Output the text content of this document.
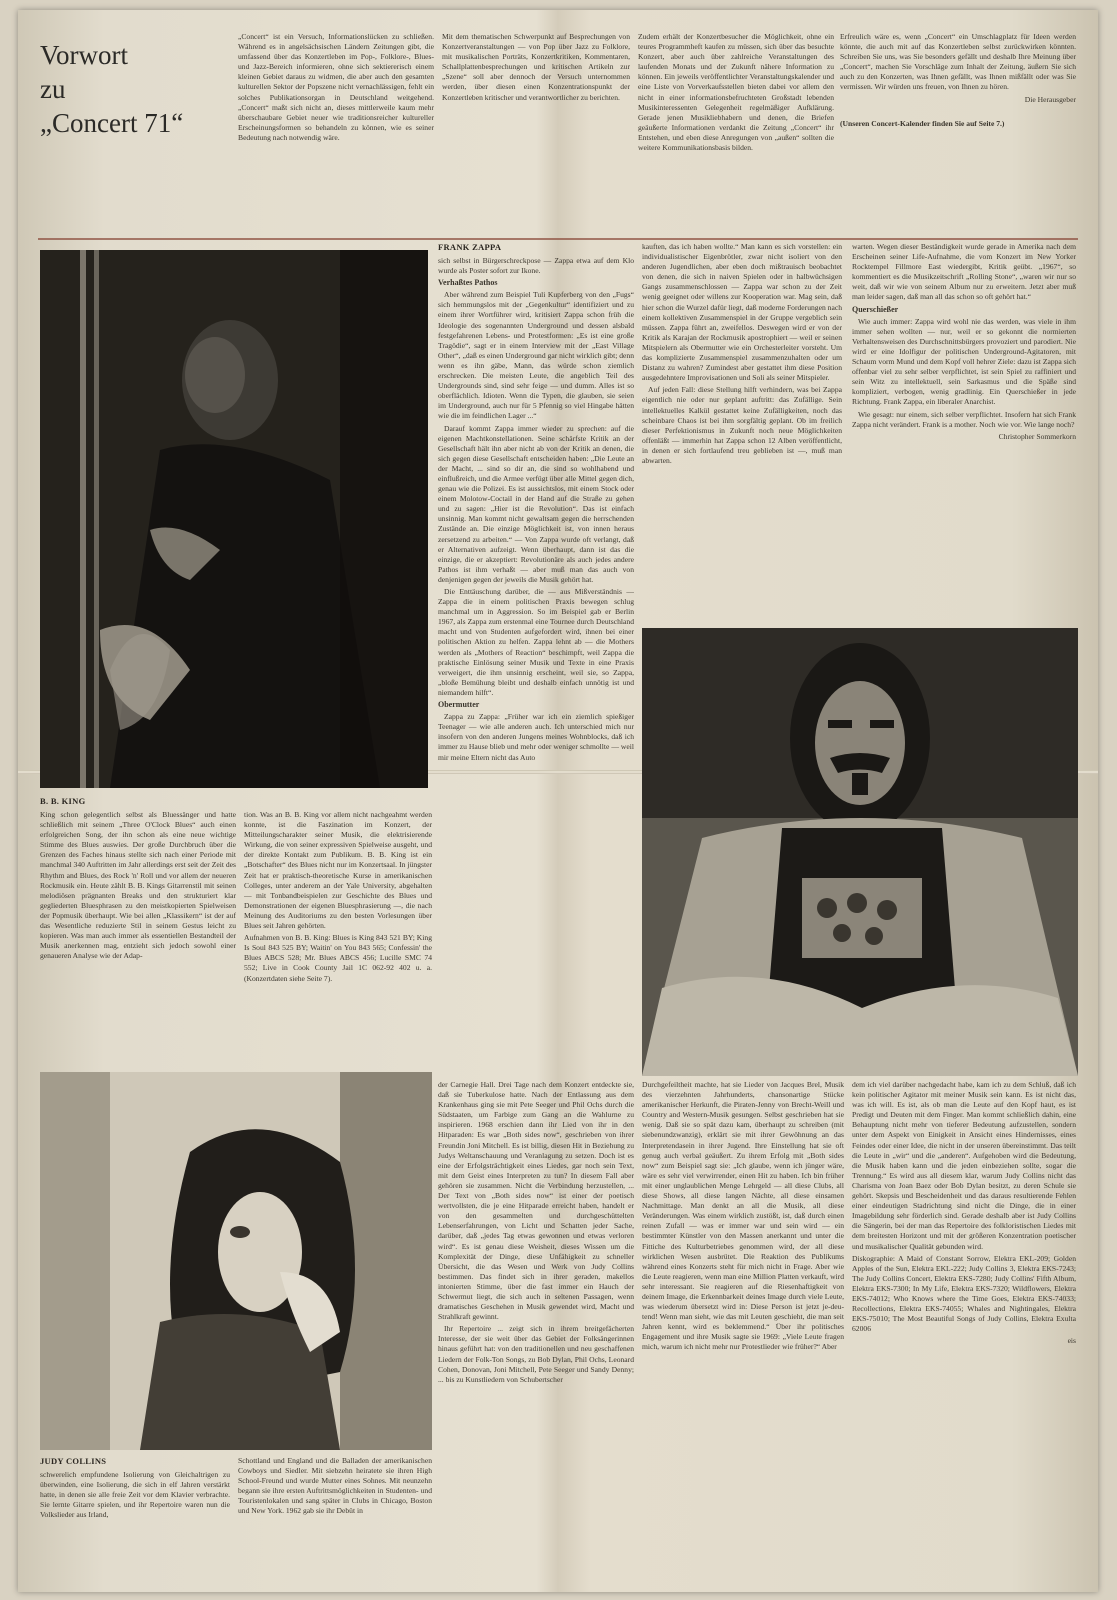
Vorwort
zu
„Concert 71“

„Concert“ ist ein Versuch, Informationslücken zu schließen. Während es in angelsächsischen Ländern Zeitungen gibt, die umfassend über das Konzertleben im Pop-, Folklore-, Blues- und Jazz-Bereich informieren, ohne sich sektiererisch einem kleinen Gebiet daraus zu widmen, die aber auch den gesamten kulturellen Sektor der Popszene nicht vernachlässigen, fehlt ein solches Publikationsorgan in Deutschland weitgehend. „Concert“ maßt sich nicht an, dieses mittlerweile kaum mehr überschaubare Gebiet neuer wie traditionsreicher kultureller Erscheinungsformen so behandeln zu können, wie es seiner Bedeutung nach notwendig wäre.

Mit dem thematischen Schwerpunkt auf Besprechungen von Konzertveranstaltungen — von Pop über Jazz zu Folklore, mit musikalischen Porträts, Konzertkritiken, Kommentaren, Schallplattenbesprechungen und kritischen Artikeln zur „Szene“ soll aber dennoch der Versuch unternommen werden, über diesen einen Konzentrationspunkt der Konzertleben kritischer und verantwortlicher zu berichten.

Zudem erhält der Konzertbesucher die Möglichkeit, ohne ein teures Programmheft kaufen zu müssen, sich über das besuchte Konzert, aber auch über zahlreiche Veranstaltungen des laufenden Monats und der Zukunft nähere Information zu können. Ein jeweils veröffentlichter Veranstaltungskalender und eine Liste von Vorverkaufsstellen bieten dabei vor allem den nicht in einer informationsbefruchteten Großstadt lebenden Musikinteressenten Gelegenheit regelmäßiger Aufklärung. Gerade jenen Musikliebhabern und denen, die Briefen geäußerte Informationen verdankt die Zeitung „Concert“ ihr Entstehen, und eben diese Anregungen von „außen“ sollten die weitere Kommunikationsbasis bilden.

Erfreulich wäre es, wenn „Concert“ ein Umschlagplatz für Ideen werden könnte, die auch mit auf das Konzertleben selbst zurückwirken könnten. Schreiben Sie uns, was Sie besonders gefällt und deshalb Ihre Meinung über „Concert“, machen Sie Vorschläge zum Inhalt der Zeitung, äußern Sie sich auch zu den Konzerten, was Ihnen gefällt, was Ihnen mißfällt oder was Sie vermissen. Wir würden uns freuen, von Ihnen zu hören.

Die Herausgeber

(Unseren Concert-Kalender finden Sie auf Seite 7.)

FRANK ZAPPA

sich selbst in Bürgerschreckpose — Zappa etwa auf dem Klo wurde als Poster sofort zur Ikone.

Verhaßtes Pathos

Aber während zum Beispiel Tuli Kupferberg von den „Fugs“ sich hemmungslos mit der „Gegenkultur“ identifiziert und zu einem ihrer Wortführer wird, kritisiert Zappa schon früh die Ideologie des sogenannten Underground und dessen alsbald festgefahrenen Lebens- und Protestformen: „Es ist eine große Tragödie“, sagt er in einem Interview mit der „East Village Other“, „daß es einen Underground gar nicht wirklich gibt; denn wenn es ihn gäbe, Mann, das würde schon ziemlich erschrecken. Die meisten Leute, die angeblich Teil des Undergrounds sind, sind sehr feige — und dumm. Alles ist so oberflächlich. Idioten. Wenn die Typen, die glauben, sie seien im Underground, auch nur für 5 Pfennig so viel Hingabe hätten wie die im feindlichen Lager ...“

Darauf kommt Zappa immer wieder zu sprechen: auf die eigenen Machtkonstellationen. Seine schärfste Kritik an der Gesellschaft hält ihn aber nicht ab von der Kritik an denen, die sich gegen diese Gesellschaft entscheiden haben: „Die Leute an der Macht, ... sind so dir an, die sind so wohlhabend und einflußreich, und die Armee verfügt über alle Mittel gegen dich, genau wie die Polizei. Es ist aussichtslos, mit einem Stock oder einem Molotow-Coctail in der Hand auf die Straße zu gehen und zu sagen: „Hier ist die Revolution“. Das ist einfach unsinnig. Man kommt nicht gewaltsam gegen die herrschenden Zustände an. Die einzige Möglichkeit ist, von innen heraus zersetzend zu arbeiten.“ — Von Zappa wurde oft verlangt, daß er Alternativen aufzeigt. Wenn überhaupt, dann ist das die einzige, die er akzeptiert: Revolutionäre als auch jedes andere Pathos ist ihm verhaßt — aber muß man das auch von denjenigen gegen der jeweils die Musik gehört hat.

Die Enttäuschung darüber, die — aus Mißverständnis — Zappa die in einem politischen Praxis bewegen schlug manchmal um in Aggression. So im Beispiel gab er Berlin 1967, als Zappa zum erstenmal eine Tournee durch Deutschland macht und von Studenten aufgefordert wird, ihnen bei einer politischen Aktion zu helfen. Zappa lehnt ab — die Mothers werden als „Mothers of Reaction“ beschimpft, weil Zappa die praktische Einlösung seiner Musik und Texte in eine Praxis verweigert, die ihm unsinnig erscheint, weil sie, so Zappa, „bloße Bemühung bleibt und deshalb einfach unnötig ist und niemandem hilft“.

Obermutter

Zappa zu Zappa: „Früher war ich ein ziemlich spießiger Teenager — wie alle anderen auch. Ich unterschied mich nur insofern von den anderen Jungens meines Wohnblocks, daß ich immer zu Hause blieb und mehr oder weniger schmollte — weil mir meine Eltern nicht das Auto

kauften, das ich haben wollte.“ Man kann es sich vorstellen: ein individualistischer Eigenbrötler, zwar nicht isoliert von den anderen Jugendlichen, aber eben doch mißtrauisch beobachtet von denen, die sich in naiven Spielen oder in halbwüchsigen Gangs zusammenschlossen — Zappa war schon zu der Zeit wenig geeignet oder willens zur Kooperation war. Mag sein, daß hier schon die Wurzel dafür liegt, daß moderne Forderungen nach einem kollektiven Zusammenspiel in der Gruppe vergeblich sein müssen. Zappa führt an, zweifellos. Deswegen wird er von der Kritik als Karajan der Rockmusik apostrophiert — weil er seinen Mitspielern als Obermutter wie ein Orchesterleiter vorsteht. Um das komplizierte Zusammenspiel zusammenzuhalten oder um Distanz zu wahren? Zumindest aber gestattet ihm diese Position ausgedehntere Improvisationen und Soli als seiner Mitspieler.

Auf jeden Fall: diese Stellung hilft verhindern, was bei Zappa eigentlich nie oder nur geplant auftritt: das Zufällige. Sein intellektuelles Kalkül gestattet keine Zufälligkeiten, noch das scheinbare Chaos ist bei ihm sorgfältig geplant. Ob im freilich dieser Perfektionismus in Zukunft noch neue Möglichkeiten offenläßt — immerhin hat Zappa schon 12 Alben veröffentlicht, in denen er sich fortlaufend treu geblieben ist —, muß man abwarten.

warten. Wegen dieser Beständigkeit wurde gerade in Amerika nach dem Erscheinen seiner Life-Aufnahme, die vom Konzert im New Yorker Rocktempel Fillmore East wiedergibt, Kritik geübt. „1967“, so kommentiert es die Musikzeitschrift „Rolling Stone“, „waren wir nur so weit, daß wir wie von seinem Album nur zu erweitern. Jetzt aber muß man leider sagen, daß man all das schon so oft gehört hat.“

Querschießer

Wie auch immer: Zappa wird wohl nie das werden, was viele in ihm immer sehen wollten — nur, weil er so gekonnt die normierten Verhaltensweisen des Durchschnittsbürgers provoziert und parodiert. Nie wird er eine Idolfigur der politischen Underground-Agitatoren, mit Schaum vorm Mund und dem Kopf voll hehrer Ziele: dazu ist Zappa sich offenbar viel zu sehr selber verpflichtet, ist sein Spiel zu raffiniert und sein Witz zu intellektuell, sein Sarkasmus und die Späße sind kompliziert, verbogen, wenig gradlinig. Ein Querschießer in jede Richtung. Frank Zappa, ein liberaler Anarchist.

Wie gesagt: nur einem, sich selber verpflichtet. Insofern hat sich Frank Zappa nicht verändert. Frank is a mother. Noch wie vor. Wie lange noch?

Christopher Sommerkorn

B. B. KING

King schon gelegentlich selbst als Bluessänger und hatte schließlich mit seinem „Three O'Clock Blues“ auch einen erfolgreichen Song, der ihn schon als eine neue wichtige Stimme des Blues auswies. Der große Durchbruch über die Grenzen des Faches hinaus stellte sich nach einer Periode mit manchmal 340 Auftritten im Jahr allerdings erst seit der Zeit des Rhythm and Blues, des Rock 'n' Roll und vor allem der neueren Rockmusik ein. Heute zählt B. B. Kings Gitarrenstil mit seinen melodiösen prägnanten Breaks und den strukturiert klar gegliederten Bluesphrasen zu den meistkopierten Spielweisen der Popmusik überhaupt. Wie bei allen „Klassikern“ ist der auf das Wesentliche reduzierte Stil in seinem Gestus leicht zu kopieren. Was man auch immer als essentiellen Bestandteil der Musik anerkennen mag, entzieht sich jedoch sowohl einer genaueren Analyse wie der Adap-

tion. Was an B. B. King vor allem nicht nachgeahmt werden konnte, ist die Faszination im Konzert, der Mitteilungscharakter seiner Musik, die elektrisierende Wirkung, die von seiner expressiven Spielweise ausgeht, und der direkte Kontakt zum Publikum. B. B. King ist ein „Botschafter“ des Blues nicht nur im Konzertsaal. In jüngster Zeit hat er praktisch-theoretische Kurse in amerikanischen Colleges, unter anderem an der Yale University, abgehalten — mit Tonbandbeispielen zur Geschichte des Blues und Demonstrationen der eigenen Bluesphrasierung —, die nach Meinung des Auditoriums zu den besten Vorlesungen über Blues seit Jahren gehörten.

Aufnahmen von B. B. King: Blues is King 843 521 BY; King Is Soul 843 525 BY; Waitin' on You 843 565; Confessin' the Blues ABCS 528; Mr. Blues ABCS 456; Lucille SMC 74 552; Live in Cook County Jail 1C 062-92 402 u. a. (Konzertdaten siehe Seite 7).

JUDY COLLINS

schwerelich empfundene Isolierung von Gleichaltrigen zu überwinden, eine Isolierung, die sich in elf Jahren verstärkt hatte, in denen sie alle freie Zeit vor dem Klavier verbrachte. Sie lernte Gitarre spielen, und ihr Repertoire waren nun die Volkslieder aus Irland,

Schottland und England und die Balladen der amerikanischen Cowboys und Siedler. Mit siebzehn heiratete sie ihren High School-Freund und wurde Mutter eines Sohnes. Mit neunzehn begann sie ihre ersten Auftrittsmöglichkeiten in Studenten- und Touristenlokalen und sang später in Clubs in Chicago, Boston und New York. 1962 gab sie ihr Debüt in

der Carnegie Hall. Drei Tage nach dem Konzert entdeckte sie, daß sie Tuberkulose hatte. Nach der Entlassung aus dem Krankenhaus ging sie mit Pete Seeger und Phil Ochs durch die Südstaaten, um Farbige zum Gang an die Wahlurne zu inspirieren. 1968 erschien dann ihr Lied von ihr in den Hitparaden: Es war „Both sides now“, geschrieben von ihrer Freundin Joni Mitchell. Es ist billig, diesen Hit in Beziehung zu Judys Weltanschauung und Veranlagung zu setzen. Doch ist es eine der Erfolgsträchtigkeit eines Liedes, gar noch sein Text, mit dem Geist eines Interpreten zu tun? In diesem Fall aber gehören sie zusammen. Nicht die Verbindung herzustellen, ... Der Text von „Both sides now“ ist einer der poetisch wertvollsten, die je eine Hitparade erreicht haben, handelt er von den gesammelten und durchgeschüttelten Lebenserfahrungen, von Licht und Schatten jeder Sache, darüber, daß „jedes Tag etwas gewonnen und etwas verloren wird“. Es ist genau diese Weisheit, dieses Wissen um die Komplexität der Dinge, diese Unfähigkeit zu schneller Übersicht, die das Wesen und Werk von Judy Collins bestimmen. Das findet sich in ihrer geraden, makellos intonierten Stimme, über die fast immer ein Hauch der Schwermut liegt, die sich auch in seltenen Passagen, wenn dramatisches Geschehen in Musik gewendet wird, Macht und Strahlkraft gewinnt.

Ihr Repertoire ... zeigt sich in ihrem breitgefächerten Interesse, der sie weit über das Gebiet der Folksängerinnen hinaus geführt hat: von den traditionellen und neu geschaffenen Liedern der Folk-Ton Songs, zu Bob Dylan, Phil Ochs, Leonard Cohen, Donovan, Joni Mitchell, Pete Seeger und Sandy Denny; ... bis zu Kunstliedern von Schubertscher

Durchgefeiltheit machte, hat sie Lieder von Jacques Brel, Musik des vierzehnten Jahrhunderts, chansonartige Stücke amerikanischer Herkunft, die Piraten-Jenny von Brecht-Weill und Country and Western-Musik gesungen. Selbst geschrieben hat sie wenig. Daß sie so spät dazu kam, überhaupt zu schreiben (mit siebenundzwanzig), erklärt sie mit ihrer Gewöhnung an das Interpretendasein in ihrer Jugend. Ihre Einstellung hat sie oft genug auch verbal geäußert. Zu ihrem Erfolg mit „Both sides now“ zum Beispiel sagt sie: „Ich glaube, wenn ich jünger wäre, wäre es sehr viel verwirrender, einen Hit zu haben. Ich bin früher mit einer unglaublichen Menge Lehrgeld — all diese Clubs, all diese Shows, all diese langen Nächte, all diese einsamen Nachmittage. Man denkt an all die Musik, all diese Veränderungen. Was einem wirklich zustößt, ist, daß durch einen reinen Zufall — was er immer war und sein wird — ein bestimmter Künstler von den Massen anerkannt und unter die Fittiche des Kulturbetriebes genommen wird, der all diese wirklichen Wesen ausbrütet. Die Reaktion des Publikums während eines Konzerts steht für mich nicht in Frage. Aber wie die Leute reagieren, wenn man eine Million Platten verkauft, wird sehr interessant. Sie reagieren auf die Riesenhaftigkeit von deinem Image, die Erkennbarkeit deines Image durch viele Leute, was wiederum übersetzt wird in: Diese Person ist jetzt je-deu-tend! Wenn man sieht, wie das mit Leuten geschieht, die man seit Jahren kennt, wird es beklemmend.“ Über ihr politisches Engagement und ihre Musik sagte sie 1969: „Viele Leute fragen mich, warum ich nicht mehr nur Protestlieder wie früher?“ Aber

dem ich viel darüber nachgedacht habe, kam ich zu dem Schluß, daß ich kein politischer Agitator mit meiner Musik sein kann. Es ist nicht das, was ich will. Es ist, als ob man die Leute auf den Kopf haut, es ist Predigt und Deuten mit dem Finger. Man kommt schließlich dahin, eine Behauptung nicht mehr von tieferer Bedeutung aufzustellen, sondern unter dem Aspekt von Einigkeit in Ansicht eines Hindernisses, eines Feindes oder einer Idee, die nicht in der unseren übereinstimmt. Das teilt die Leute in „wir“ und die „anderen“. Aufgehoben wird die Bedeutung, die Musik haben kann und die jeden einbeziehen sollte, sogar die Trennung.“ Es wird aus all diesem klar, warum Judy Collins nicht das Charisma von Joan Baez oder Bob Dylan besitzt, zu deren Schule sie gehört. Skepsis und Bescheidenheit und das daraus resultierende Fehlen einer eindeutigen Stadrichtung sind nicht die Dinge, die in einer Imagebildung sehr förderlich sind. Gerade deshalb aber ist Judy Collins die Sängerin, bei der man das Repertoire des folkloristischen Liedes mit dem breitesten Horizont und mit der größeren Konzentration poetischer und musikalischer Qualität gebunden wird.

Diskographie: A Maid of Constant Sorrow, Elektra EKL-209; Golden Apples of the Sun, Elektra EKL-222; Judy Collins 3, Elektra EKS-7243; The Judy Collins Concert, Elektra EKS-7280; Judy Collins' Fifth Album, Elektra EKS-7300; In My Life, Elektra EKS-7320; Wildflowers, Elektra EKS-74012; Who Knows where the Time Goes, Elektra EKS-74033; Recollections, Elektra EKS-74055; Whales and Nightingales, Elektra EKS-75010; The Most Beautiful Songs of Judy Collins, Elektra Exulta 62006

eis
